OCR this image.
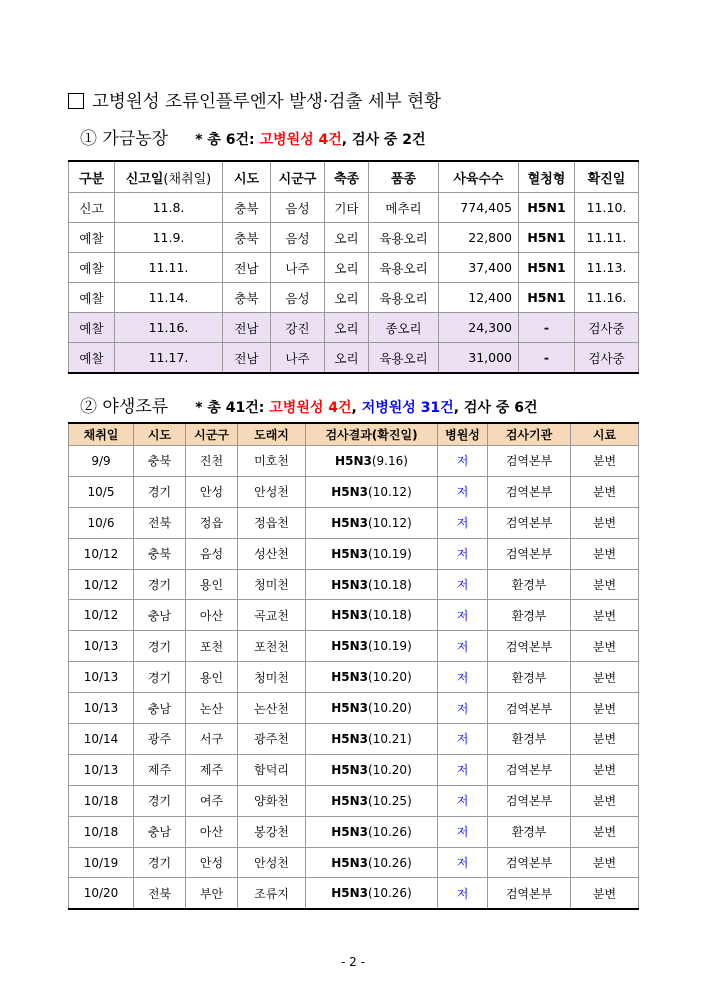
고병원성 조류인플루엔자 발생·검출 세부 현황
① 가금농장 * 총 6건: 고병원성 4건, 검사 중 2건
구분	신고일(채취일)	시도	시군구	축종	품종	사육수수	혈청형	확진일
신고	11.8.	충북	음성	기타	메추리	774,405	H5N1	11.10.
예찰	11.9.	충북	음성	오리	육용오리	22,800	H5N1	11.11.
예찰	11.11.	전남	나주	오리	육용오리	37,400	H5N1	11.13.
예찰	11.14.	충북	음성	오리	육용오리	12,400	H5N1	11.16.
예찰	11.16.	전남	강진	오리	종오리	24,300	-	검사중
예찰	11.17.	전남	나주	오리	육용오리	31,000	-	검사중
② 야생조류 * 총 41건: 고병원성 4건, 저병원성 31건, 검사 중 6건
채취일	시도	시군구	도래지	검사결과(확진일)	병원성	검사기관	시료
9/9	충북	진천	미호천	H5N3(9.16)	저	검역본부	분변
10/5	경기	안성	안성천	H5N3(10.12)	저	검역본부	분변
10/6	전북	정읍	정읍천	H5N3(10.12)	저	검역본부	분변
10/12	충북	음성	성산천	H5N3(10.19)	저	검역본부	분변
10/12	경기	용인	청미천	H5N3(10.18)	저	환경부	분변
10/12	충남	아산	곡교천	H5N3(10.18)	저	환경부	분변
10/13	경기	포천	포천천	H5N3(10.19)	저	검역본부	분변
10/13	경기	용인	청미천	H5N3(10.20)	저	환경부	분변
10/13	충남	논산	논산천	H5N3(10.20)	저	검역본부	분변
10/14	광주	서구	광주천	H5N3(10.21)	저	환경부	분변
10/13	제주	제주	함덕리	H5N3(10.20)	저	검역본부	분변
10/18	경기	여주	양화천	H5N3(10.25)	저	검역본부	분변
10/18	충남	아산	봉강천	H5N3(10.26)	저	환경부	분변
10/19	경기	안성	안성천	H5N3(10.26)	저	검역본부	분변
10/20	전북	부안	조류지	H5N3(10.26)	저	검역본부	분변
- 2 -
